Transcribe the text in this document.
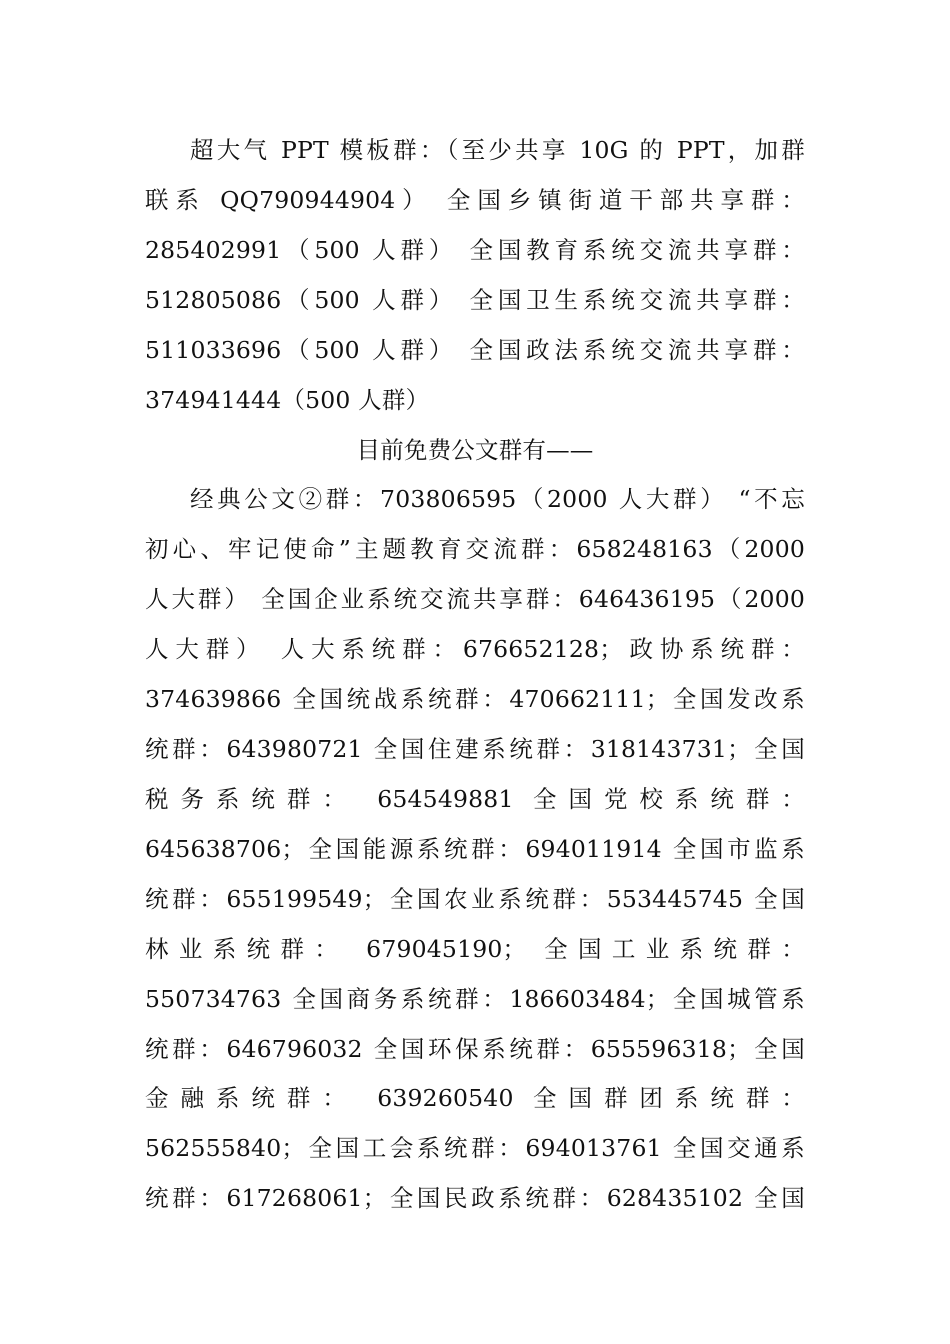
超大气 PPT 模板群：（至少共享 10G 的 PPT，加群
联系 QQ790944904） 全国乡镇街道干部共享群：
285402991（500 人群） 全国教育系统交流共享群：
512805086（500 人群） 全国卫生系统交流共享群：
511033696（500 人群） 全国政法系统交流共享群：
374941444（500 人群）
目前免费公文群有——
经典公文②群：703806595（2000 人大群） “不忘
初心、牢记使命”主题教育交流群：658248163（2000
人大群） 全国企业系统交流共享群：646436195（2000
人大群） 人大系统群：676652128；政协系统群：
374639866 全国统战系统群：470662111；全国发改系
统群：643980721 全国住建系统群：318143731；全国
税务系统群： 654549881 全国党校系统群：
645638706；全国能源系统群：694011914 全国市监系
统群：655199549；全国农业系统群：553445745 全国
林业系统群： 679045190； 全国工业系统群：
550734763 全国商务系统群：186603484；全国城管系
统群：646796032 全国环保系统群：655596318；全国
金融系统群： 639260540 全国群团系统群：
562555840；全国工会系统群：694013761 全国交通系
统群：617268061；全国民政系统群：628435102 全国
